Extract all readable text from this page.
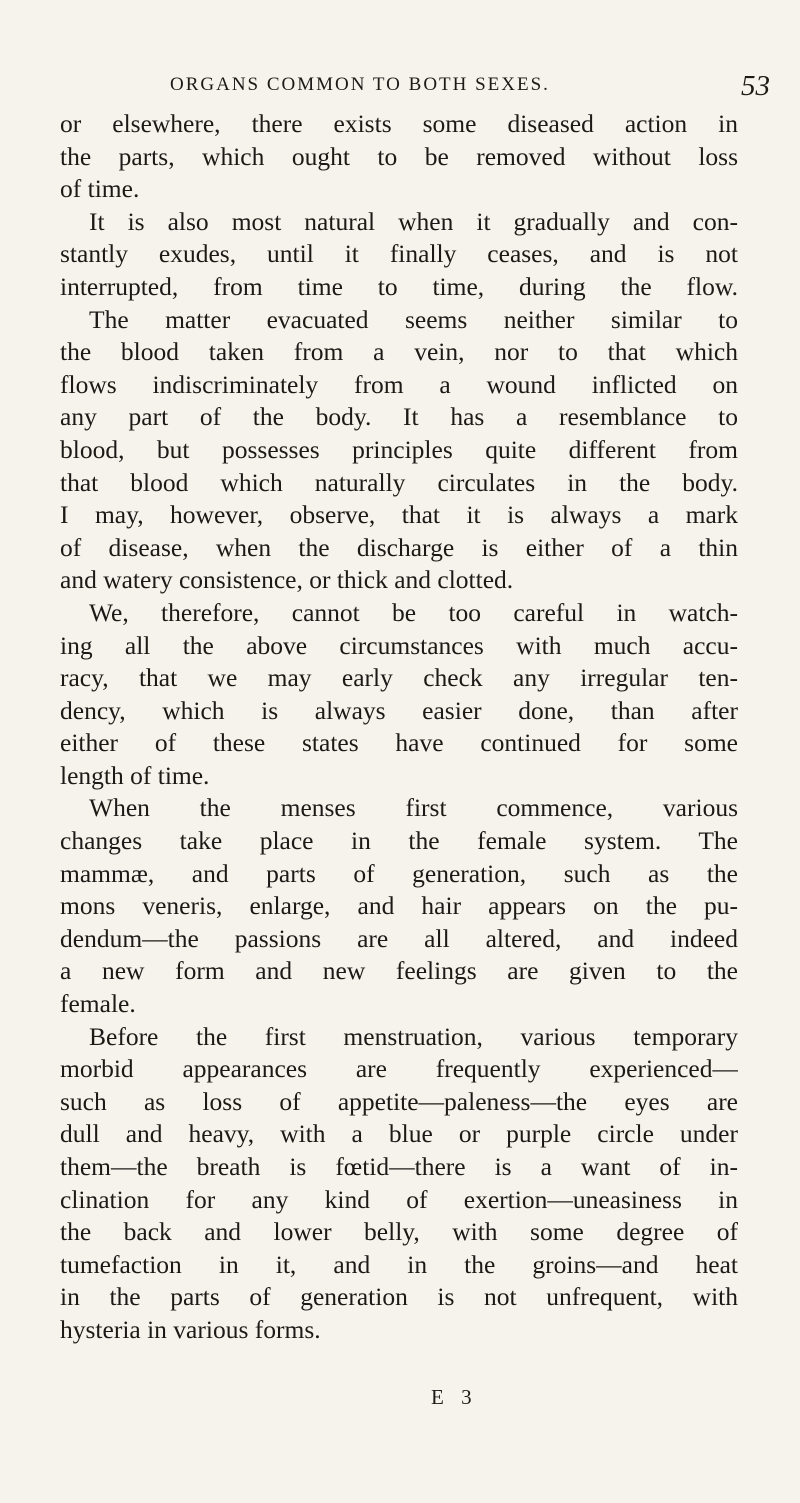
ORGANS COMMON TO BOTH SEXES.	53
or elsewhere, there exists some diseased action in
the parts, which ought to be removed without loss
of time.
It is also most natural when it gradually and con-
stantly exudes, until it finally ceases, and is not
interrupted, from time to time, during the flow.
The matter evacuated seems neither similar to
the blood taken from a vein, nor to that which
flows indiscriminately from a wound inflicted on
any part of the body. It has a resemblance to
blood, but possesses principles quite different from
that blood which naturally circulates in the body.
I may, however, observe, that it is always a mark
of disease, when the discharge is either of a thin
and watery consistence, or thick and clotted.
We, therefore, cannot be too careful in watch-
ing all the above circumstances with much accu-
racy, that we may early check any irregular ten-
dency, which is always easier done, than after
either of these states have continued for some
length of time.
When the menses first commence, various
changes take place in the female system. The
mammæ, and parts of generation, such as the
mons veneris, enlarge, and hair appears on the pu-
dendum—the passions are all altered, and indeed
a new form and new feelings are given to the
female.
Before the first menstruation, various temporary
morbid appearances are frequently experienced—
such as loss of appetite—paleness—the eyes are
dull and heavy, with a blue or purple circle under
them—the breath is fœtid—there is a want of in-
clination for any kind of exertion—uneasiness in
the back and lower belly, with some degree of
tumefaction in it, and in the groins—and heat
in the parts of generation is not unfrequent, with
hysteria in various forms.
E 3
